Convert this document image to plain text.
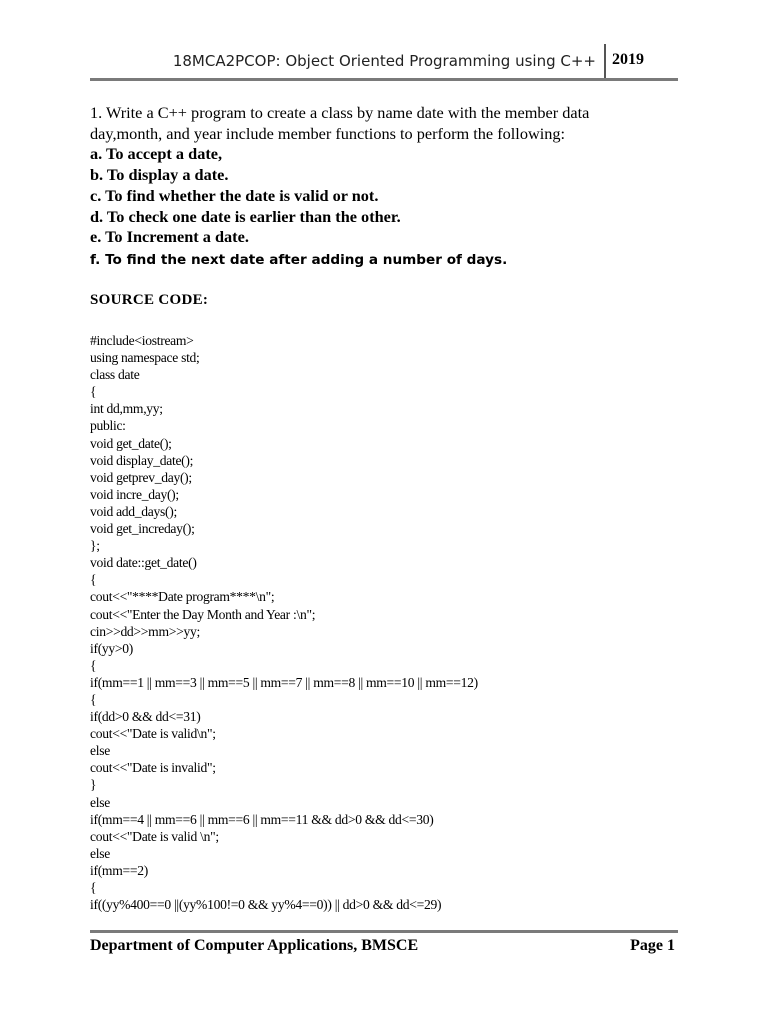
18MCA2PCOP: Object Oriented Programming using C++ 2019
1. Write a C++ program to create a class by name date with the member data
day,month, and year include member functions to perform the following:
a. To accept a date,
b. To display a date.
c. To find whether the date is valid or not.
d. To check one date is earlier than the other.
e. To Increment a date.
f. To find the next date after adding a number of days.
SOURCE CODE:
#include<iostream>
using namespace std;
class date
{
int dd,mm,yy;
public:
void get_date();
void display_date();
void getprev_day();
void incre_day();
void add_days();
void get_increday();
};
void date::get_date()
{
cout<<"****Date program****\n";
cout<<"Enter the Day Month and Year :\n";
cin>>dd>>mm>>yy;
if(yy>0)
{
if(mm==1 || mm==3 || mm==5 || mm==7 || mm==8 || mm==10 || mm==12)
{
if(dd>0 && dd<=31)
cout<<"Date is valid\n";
else
cout<<"Date is invalid";
}
else
if(mm==4 || mm==6 || mm==6 || mm==11 && dd>0 && dd<=30)
cout<<"Date is valid \n";
else
if(mm==2)
{
if((yy%400==0 ||(yy%100!=0 && yy%4==0)) || dd>0 && dd<=29)
Department of Computer Applications, BMSCE	Page 1
